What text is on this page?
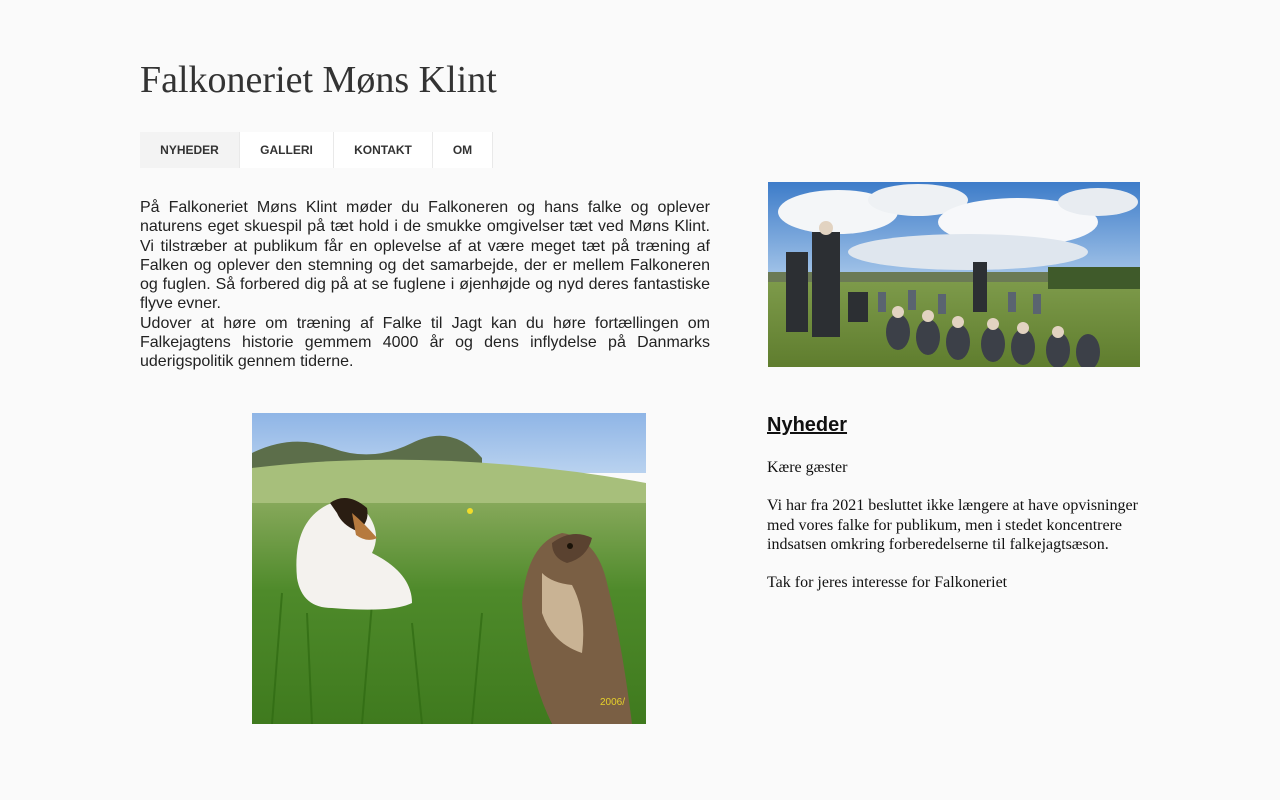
Falkoneriet Møns Klint
NYHEDER	GALLERI	KONTAKT	OM

På Falkoneriet Møns Klint møder du Falkoneren og hans falke og oplever naturens eget skuespil på tæt hold i de smukke omgivelser tæt ved Møns Klint. Vi tilstræber at publikum får en oplevelse af at være meget tæt på træning af Falken og oplever den stemning og det samarbejde, der er mellem Falkoneren og fuglen. Så forbered dig på at se fuglene i øjenhøjde og nyd deres fantastiske flyve evner.

Udover at høre om træning af Falke til Jagt kan du høre fortællingen om Falkejagtens historie gemmem 4000 år og dens inflydelse på Danmarks uderigspolitik gennem tiderne.

2006/
Nyheder

Kære gæster

Vi har fra 2021 besluttet ikke længere at have opvisninger med vores falke for publikum, men i stedet koncentrere indsatsen omkring forberedelserne til falkejagtsæson.

Tak for jeres interesse for Falkoneriet
